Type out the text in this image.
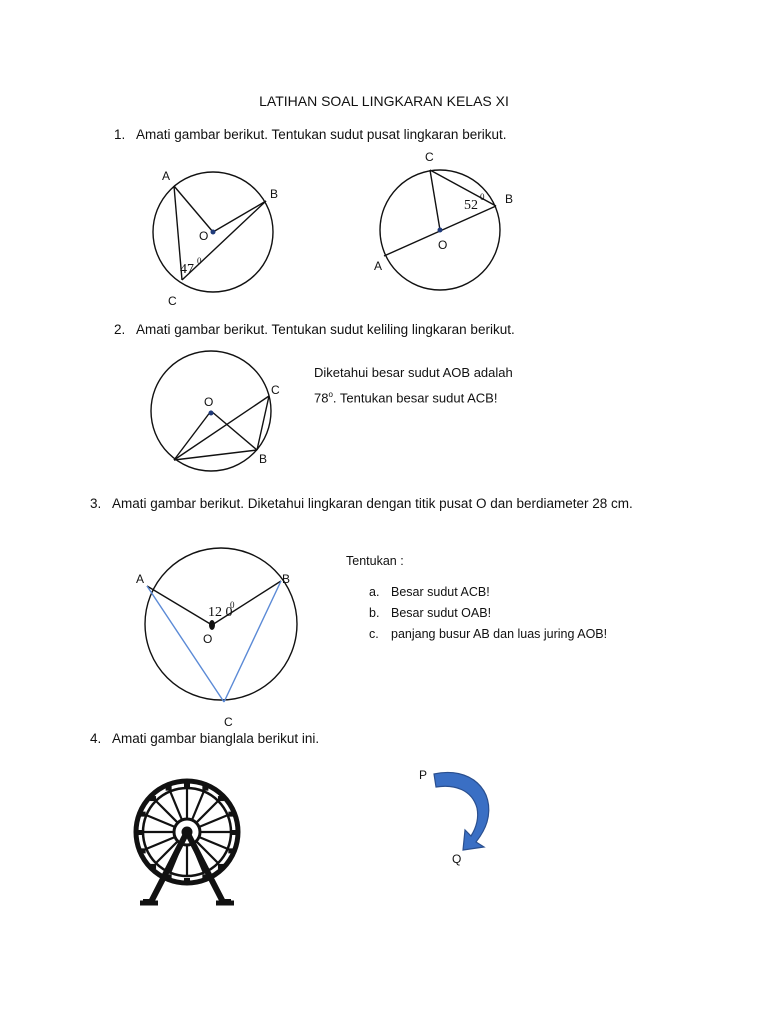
LATIHAN SOAL LINGKARAN KELAS XI
1. Amati gambar berikut. Tentukan sudut pusat lingkaran berikut.
2. Amati gambar berikut. Tentukan sudut keliling lingkaran berikut.
Diketahui besar sudut AOB adalah
78$^o$. Tentukan besar sudut ACB!
3. Amati gambar berikut. Diketahui lingkaran dengan titik pusat O dan berdiameter 28 cm.
Tentukan :
a. Besar sudut ACB!
b. Besar sudut OAB!
c. panjang busur AB dan luas juring AOB!
4. Amati gambar bianglala berikut ini.
A
B
C
O
47
0
C
B
A
O
52
0
O
C
B
A	B
C
O
12 0
0
P
Q
